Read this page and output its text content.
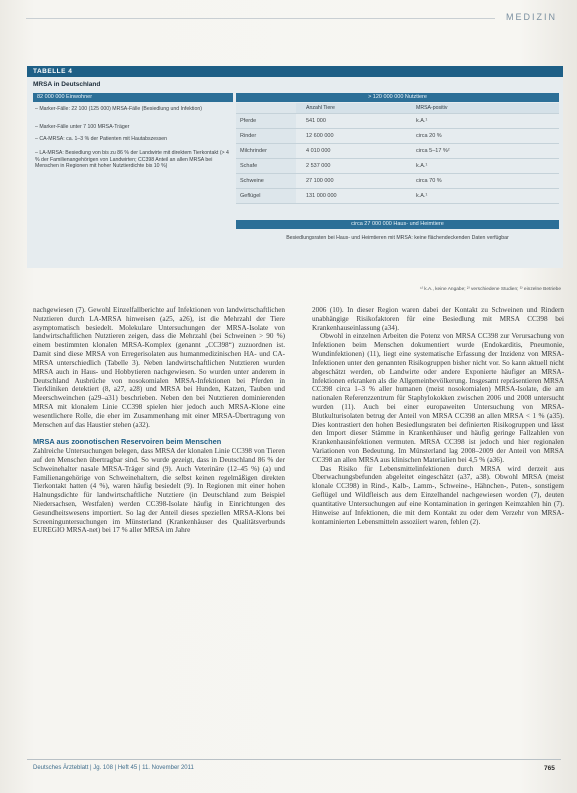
MEDIZIN
TABELLE 4
MRSA in Deutschland
82 000 000 Einwohner	> 120 000 000 Nutztiere
– Marker-Fälle: 22 100 (125 000) MRSA-Fälle (Besiedlung und Infektion)
– Marker-Fälle unter 7 100 MRSA-Träger
– CA-MRSA: ca. 1–3 % der Patienten mit Hautabszessen
– LA-MRSA: Besiedlung von bis zu 86 % der Landwirte mit direktem Tierkontakt (> 4 % der Familienangehörigen von Landwirten; CC398 Anteil an allen MRSA bei Menschen in Regionen mit hoher Nutztierdichte bis 10 %)
Anzahl Tiere	MRSA-positiv
Pferde	541 000	k.A.¹
Rinder	12 600 000	circa 20 %
Milchrinder	4 010 000	circa 5–17 %²
Schafe	2 537 000	k.A.¹
Schweine	27 100 000	circa 70 %
Geflügel	131 000 000	k.A.¹
circa 27 000 000 Haus- und Heimtiere
Besiedlungsraten bei Haus- und Heimtieren mit MRSA: keine flächendeckenden Daten verfügbar
¹⁾ k.A., keine Angabe; ²⁾ verschiedene Studien; ³⁾ einzelne Betriebe

nachgewiesen (7). Gewohl Einzelfallberichte auf Infektionen von landwirtschaftlichen Nutztieren durch LA-MRSA hinweisen (a25, a26), ist die Mehrzahl der Tiere asymptomatisch besiedelt. Molekulare Untersuchungen der MRSA-Isolate von landwirtschaftlichen Nutztieren zeigen, dass die Mehrzahl (bei Schweinen > 90 %) einem bestimmten klonalen MRSA-Komplex (genannt „CC398“) zuzuordnen ist. Damit sind diese MRSA von Erregerisolaten aus humanmedizinischen HA- und CA-MRSA unterschiedlich (Tabelle 3). Neben landwirtschaftlichen Nutztieren wurden MRSA auch in Haus- und Hobbytieren nachgewiesen. So wurden unter anderem in Deutschland Ausbrüche von nosokomialen MRSA-Infektionen bei Pferden in Tierkliniken detektiert (8, a27, a28) und MRSA bei Hunden, Katzen, Tauben und Meerschweinchen (a29–a31) beschrieben. Neben den bei Nutztieren dominierenden MRSA mit klonalem Linie CC398 spielen hier jedoch auch MRSA-Klone eine wesentlichere Rolle, die eher im Zusammenhang mit einer MRSA-Übertragung von Menschen auf das Haustier stehen (a32).

MRSA aus zoonotischen Reservoiren beim Menschen

Zahlreiche Untersuchungen belegen, dass MRSA der klonalen Linie CC398 von Tieren auf den Menschen übertragbar sind. So wurde gezeigt, dass in Deutschland 86 % der Schweinehalter nasale MRSA-Träger sind (9). Auch Veterinäre (12–45 %) (a) und Familienangehörige von Schweinehaltern, die selbst keinen regelmäßigen direkten Tierkontakt hatten (4 %), waren häufig besiedelt (9). In Regionen mit einer hohen Halnungsdichte für landwirtschaftliche Nutztiere (in Deutschland zum Beispiel Niedersachsen, Westfalen) werden CC398-Isolate häufig in Einrichtungen des Gesundheitswesens importiert. So lag der Anteil dieses speziellen MRSA-Klons bei Screeninguntersuchungen im Münsterland (Krankenhäuser des Qualitätsverbunds EUREGIO MRSA-net) bei 17 % aller MRSA im Jahre

2006 (10). In dieser Region waren dabei der Kontakt zu Schweinen und Rindern unabhängige Risikofaktoren für eine Besiedlung mit MRSA CC398 bei Krankenhauseinlassung (a34).

Obwohl in einzelnen Arbeiten die Potenz von MRSA CC398 zur Verursachung von Infektionen beim Menschen dokumentiert wurde (Endokarditis, Pneumonie, Wundinfektionen) (11), liegt eine systematische Erfassung der Inzidenz von MRSA-Infektionen unter den genannten Risikogruppen bisher nicht vor. So kann aktuell nicht abgeschätzt werden, ob Landwirte oder andere Exponierte häufiger an MRSA-Infektionen erkranken als die Allgemeinbevölkerung. Insgesamt repräsentieren MRSA CC398 circa 1–3 % aller humanen (meist nosokomialen) MRSA-Isolate, die am nationalen Referenzzentrum für Staphylokokken zwischen 2006 und 2008 untersucht wurden (11). Auch bei einer europaweiten Untersuchung von MRSA-Blutkulturisolaten betrug der Anteil von MRSA CC398 an allen MRSA < 1 % (a35). Dies kontrastiert den hohen Besiedlungsraten bei definierten Risikogruppen und lässt den Import dieser Stämme in Krankenhäuser und häufig geringe Fallzahlen von Krankenhausinfektionen vermuten. MRSA CC398 ist jedoch und hier regionalen Variationen von Bedeutung. Im Münsterland lag 2008–2009 der Anteil von MRSA CC398 an allen MRSA aus klinischen Materialien bei 4,5 % (a36).

Das Risiko für Lebensmittelinfektionen durch MRSA wird derzeit aus Überwachungsbefunden abgeleitet eingeschätzt (a37, a38). Obwohl MRSA (meist klonale CC398) in Rind-, Kalb-, Lamm-, Schweine-, Hähnchen-, Puten-, sonstigem Geflügel und Wildfleisch aus dem Einzelhandel nachgewiesen worden (7), deuten quantitative Untersuchungen auf eine Kontamination in geringen Keimzahlen hin (7). Hinweise auf Infektionen, die mit dem Kontakt zu oder dem Verzehr von MRSA-kontaminierten Lebensmitteln assoziiert waren, fehlen (2).

Deutsches Ärzteblatt | Jg. 108 | Heft 45 | 11. November 2011	765
